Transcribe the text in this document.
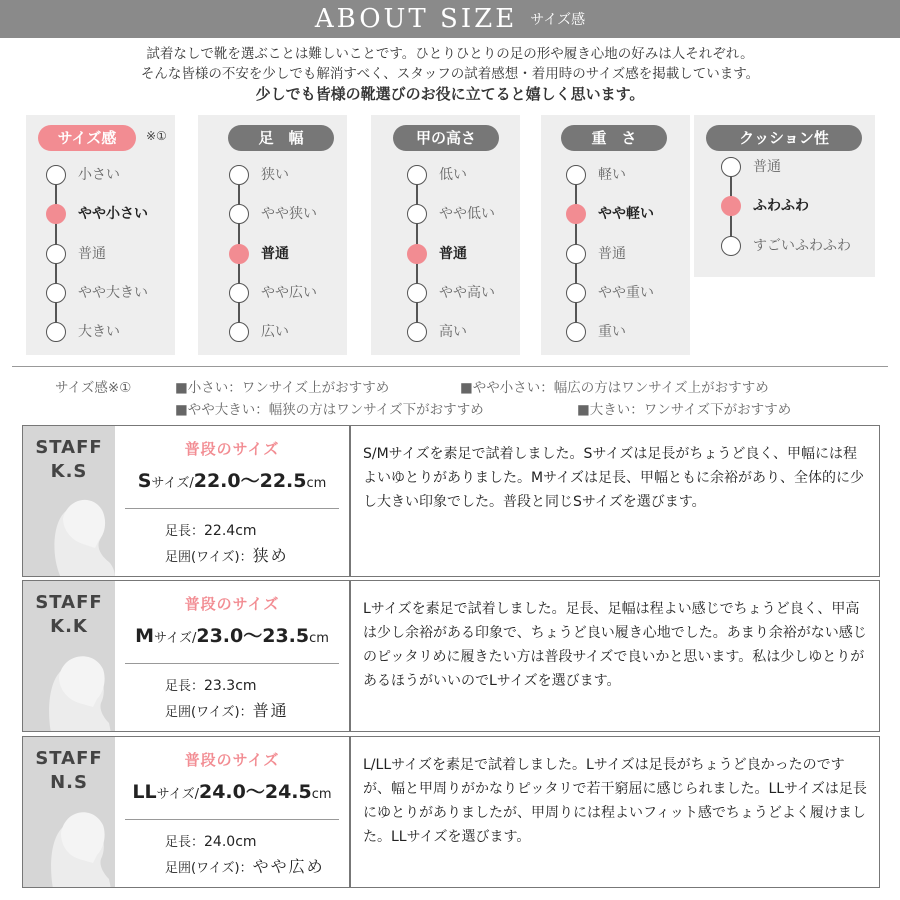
ABOUT SIZE サイズ感
試着なしで靴を選ぶことは難しいことです。ひとりひとりの足の形や履き心地の好みは人それぞれ。
そんな皆様の不安を少しでも解消すべく、スタッフの試着感想・着用時のサイズ感を掲載しています。
少しでも皆様の靴選びのお役に立てると嬉しく思います。
サイズ感	※①
小さい
やや小さい
普通
やや大きい
大きい
足　幅
狭い
やや狭い
普通
やや広い
広い
甲の高さ
低い
やや低い
普通
やや高い
高い
重　さ
軽い
やや軽い
普通
やや重い
重い
クッション性
普通
ふわふわ
すごいふわふわ
サイズ感※①	■小さい：ワンサイズ上がおすすめ	■やや小さい：幅広の方はワンサイズ上がおすすめ
■やや大きい：幅狭の方はワンサイズ下がおすすめ	■大きい：ワンサイズ下がおすすめ
STAFF
K.S
普段のサイズ
Sサイズ/22.0〜22.5cm
足長：22.4cm
足囲(ワイズ)：狭め
S/Mサイズを素足で試着しました。Sサイズは足長がちょうど良く、甲幅には程よいゆとりがありました。Mサイズは足長、甲幅ともに余裕があり、全体的に少し大きい印象でした。普段と同じSサイズを選びます。
STAFF
K.K
普段のサイズ
Mサイズ/23.0〜23.5cm
足長：23.3cm
足囲(ワイズ)：普通
Lサイズを素足で試着しました。足長、足幅は程よい感じでちょうど良く、甲高は少し余裕がある印象で、ちょうど良い履き心地でした。あまり余裕がない感じのピッタリめに履きたい方は普段サイズで良いかと思います。私は少しゆとりがあるほうがいいのでLサイズを選びます。
STAFF
N.S
普段のサイズ
LLサイズ/24.0〜24.5cm
足長：24.0cm
足囲(ワイズ)：やや広め
L/LLサイズを素足で試着しました。Lサイズは足長がちょうど良かったのですが、幅と甲周りがかなりピッタリで若干窮屈に感じられました。LLサイズは足長にゆとりがありましたが、甲周りには程よいフィット感でちょうどよく履けました。LLサイズを選びます。
